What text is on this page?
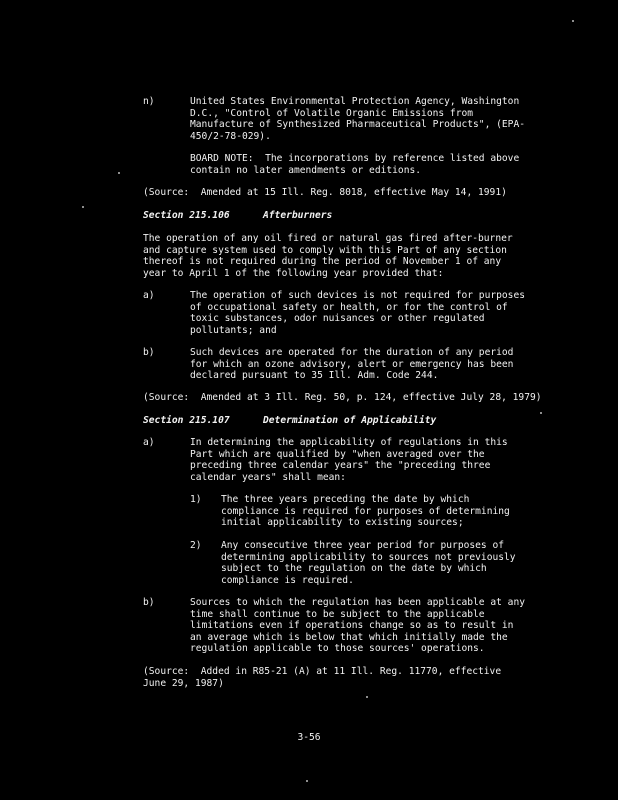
n)	United States Environmental Protection Agency, Washington
D.C., "Control of Volatile Organic Emissions from
Manufacture of Synthesized Pharmaceutical Products", (EPA-
450/2-78-029).
BOARD NOTE:  The incorporations by reference listed above
contain no later amendments or editions.
(Source:  Amended at 15 Ill. Reg. 8018, effective May 14, 1991)
Section 215.106	Afterburners
The operation of any oil fired or natural gas fired after-burner
and capture system used to comply with this Part of any section
thereof is not required during the period of November 1 of any
year to April 1 of the following year provided that:
a)	The operation of such devices is not required for purposes
of occupational safety or health, or for the control of
toxic substances, odor nuisances or other regulated
pollutants; and
b)	Such devices are operated for the duration of any period
for which an ozone advisory, alert or emergency has been
declared pursuant to 35 Ill. Adm. Code 244.
(Source:  Amended at 3 Ill. Reg. 50, p. 124, effective July 28, 1979)
Section 215.107	Determination of Applicability
a)	In determining the applicability of regulations in this
Part which are qualified by "when averaged over the
preceding three calendar years" the "preceding three
calendar years" shall mean:
1) The three years preceding the date by which
compliance is required for purposes of determining
initial applicability to existing sources;
2) Any consecutive three year period for purposes of
determining applicability to sources not previously
subject to the regulation on the date by which
compliance is required.
b)	Sources to which the regulation has been applicable at any
time shall continue to be subject to the applicable
limitations even if operations change so as to result in
an average which is below that which initially made the
regulation applicable to those sources' operations.
(Source:  Added in R85-21 (A) at 11 Ill. Reg. 11770, effective
June 29, 1987)
3-56
